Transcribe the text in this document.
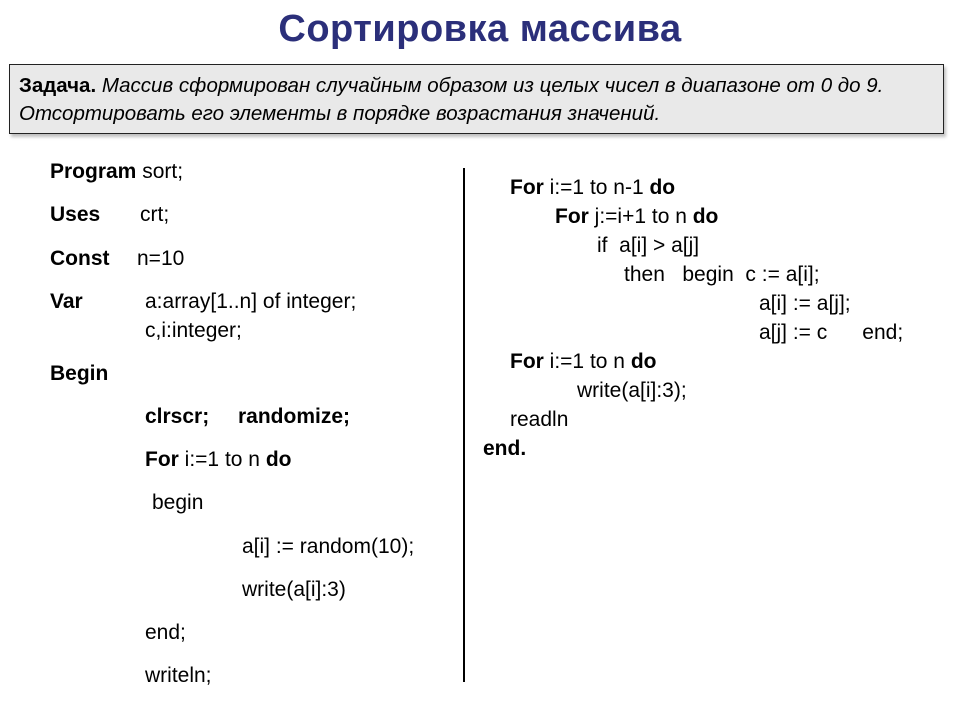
Сортировка массива
Задача. Массив сформирован случайным образом из целых чисел в диапазоне от 0 до 9. Отсортировать его элементы в порядке возрастания значений.
Program sort;
Uses crt;
Const n=10
Var	a:array[1..n] of integer;
c,i:integer;
Begin
clrscr; randomize;
For i:=1 to n do
begin
a[i] := random(10);
write(a[i]:3)
end;
writeln;
For i:=1 to n-1 do
For j:=i+1 to n do
if  a[i] > a[j]
then   begin  c := a[i];
a[i] := a[j];
a[j] := c      end;
For i:=1 to n do
write(a[i]:3);
readln
end.
